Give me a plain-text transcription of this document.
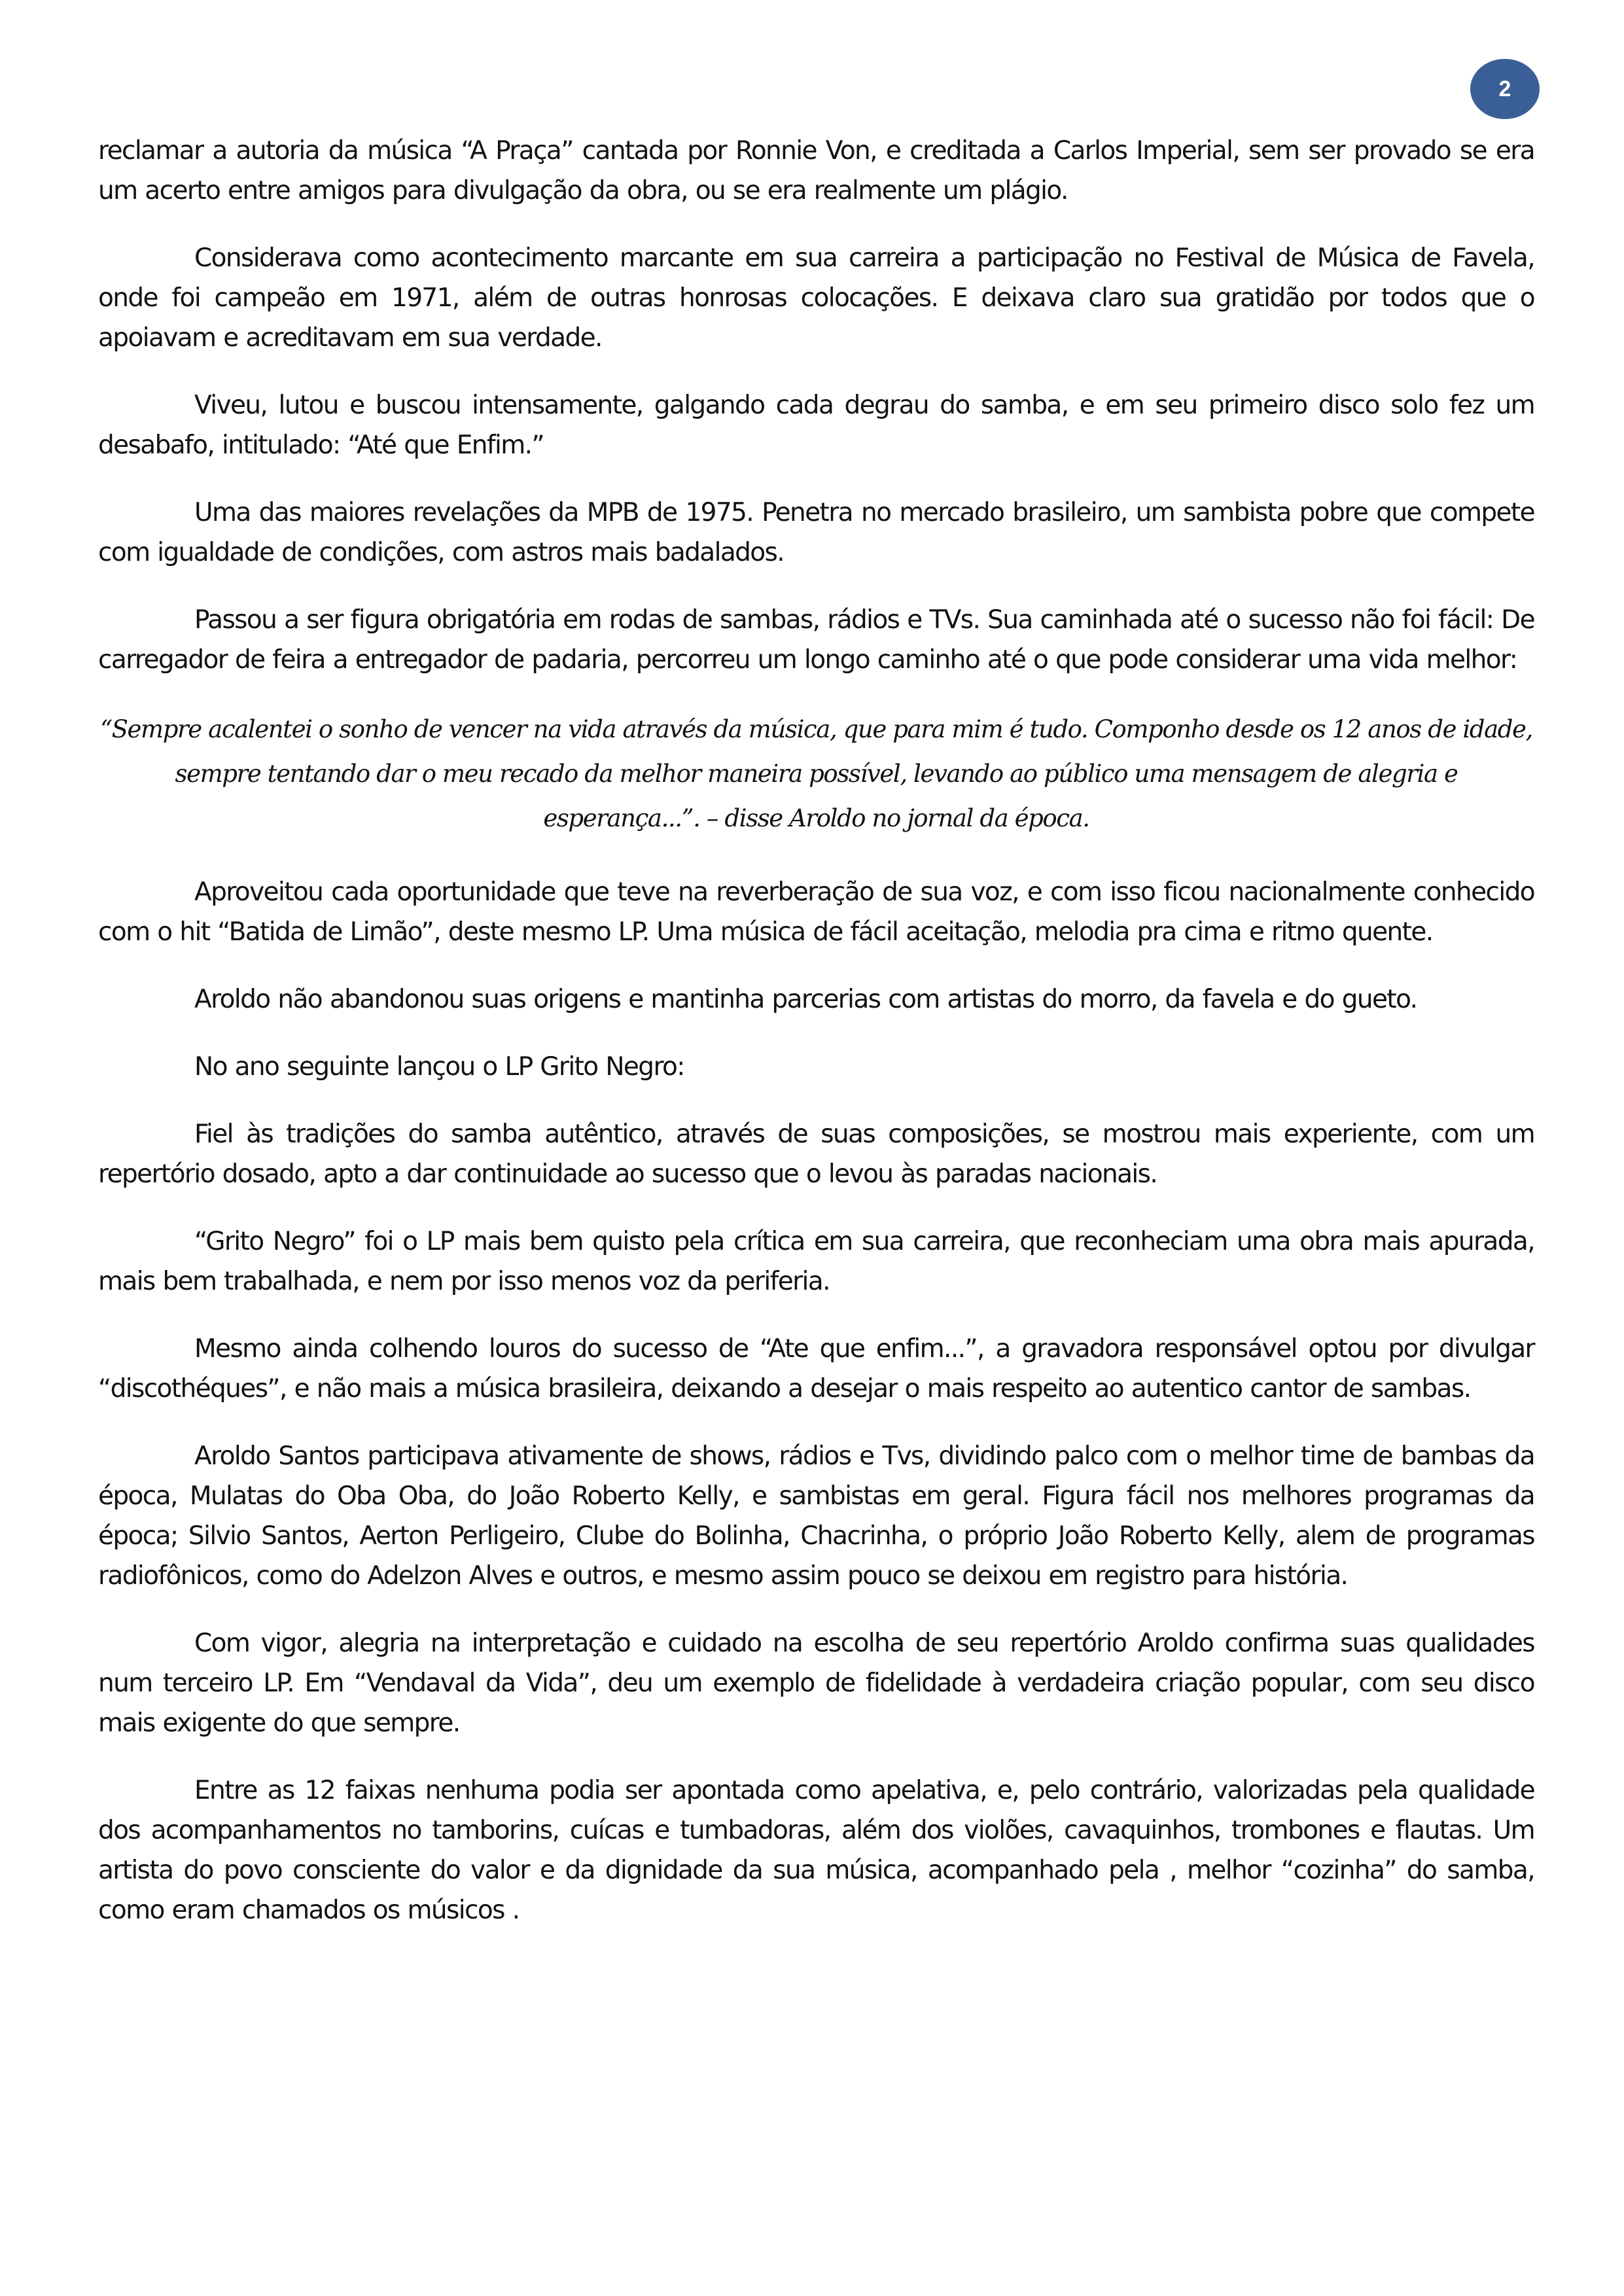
2

reclamar a autoria da música “A Praça” cantada por Ronnie Von, e creditada a Carlos Imperial, sem ser provado se era um acerto entre amigos para divulgação da obra, ou se era realmente um plágio.

Considerava como acontecimento marcante em sua carreira a participação no Festival de Música de Favela, onde foi campeão em 1971, além de outras honrosas colocações. E deixava claro sua gratidão por todos que o apoiavam e acreditavam em sua verdade.

Viveu, lutou e buscou intensamente, galgando cada degrau do samba, e em seu primeiro disco solo fez um desabafo, intitulado: “Até que Enfim.”

Uma das maiores revelações da MPB de 1975. Penetra no mercado brasileiro, um sambista pobre que compete com igualdade de condições, com astros mais badalados.

Passou a ser figura obrigatória em rodas de sambas, rádios e TVs. Sua caminhada até o sucesso não foi fácil: De carregador de feira a entregador de padaria, percorreu um longo caminho até o que pode considerar uma vida melhor:

“Sempre acalentei o sonho de vencer na vida através da música, que para mim é tudo. Componho desde os 12 anos de idade, sempre tentando dar o meu recado da melhor maneira possível, levando ao público uma mensagem de alegria e esperança...”. – disse Aroldo no jornal da época.

Aproveitou cada oportunidade que teve na reverberação de sua voz, e com isso ficou nacionalmente conhecido com o hit “Batida de Limão”, deste mesmo LP. Uma música de fácil aceitação, melodia pra cima e ritmo quente.

Aroldo não abandonou suas origens e mantinha parcerias com artistas do morro, da favela e do gueto.

No ano seguinte lançou o LP Grito Negro:

Fiel às tradições do samba autêntico, através de suas composições, se mostrou mais experiente, com um repertório dosado, apto a dar continuidade ao sucesso que o levou às paradas nacionais.

“Grito Negro” foi o LP mais bem quisto pela crítica em sua carreira, que reconheciam uma obra mais apurada, mais bem trabalhada, e nem por isso menos voz da periferia.

Mesmo ainda colhendo louros do sucesso de “Ate que enfim...”, a gravadora responsável optou por divulgar “discothéques”, e não mais a música brasileira, deixando a desejar o mais respeito ao autentico cantor de sambas.

Aroldo Santos participava ativamente de shows, rádios e Tvs, dividindo palco com o melhor time de bambas da época, Mulatas do Oba Oba, do João Roberto Kelly, e sambistas em geral. Figura fácil nos melhores programas da época; Silvio Santos, Aerton Perligeiro, Clube do Bolinha, Chacrinha, o próprio João Roberto Kelly, alem de programas radiofônicos, como do Adelzon Alves e outros, e mesmo assim pouco se deixou em registro para história.

Com vigor, alegria na interpretação e cuidado na escolha de seu repertório Aroldo confirma suas qualidades num terceiro LP. Em “Vendaval da Vida”, deu um exemplo de fidelidade à verdadeira criação popular, com seu disco mais exigente do que sempre.

Entre as 12 faixas nenhuma podia ser apontada como apelativa, e, pelo contrário, valorizadas pela qualidade dos acompanhamentos no tamborins, cuícas e tumbadoras, além dos violões, cavaquinhos, trombones e flautas. Um artista do povo consciente do valor e da dignidade da sua música, acompanhado pela , melhor “cozinha” do samba, como eram chamados os músicos .
